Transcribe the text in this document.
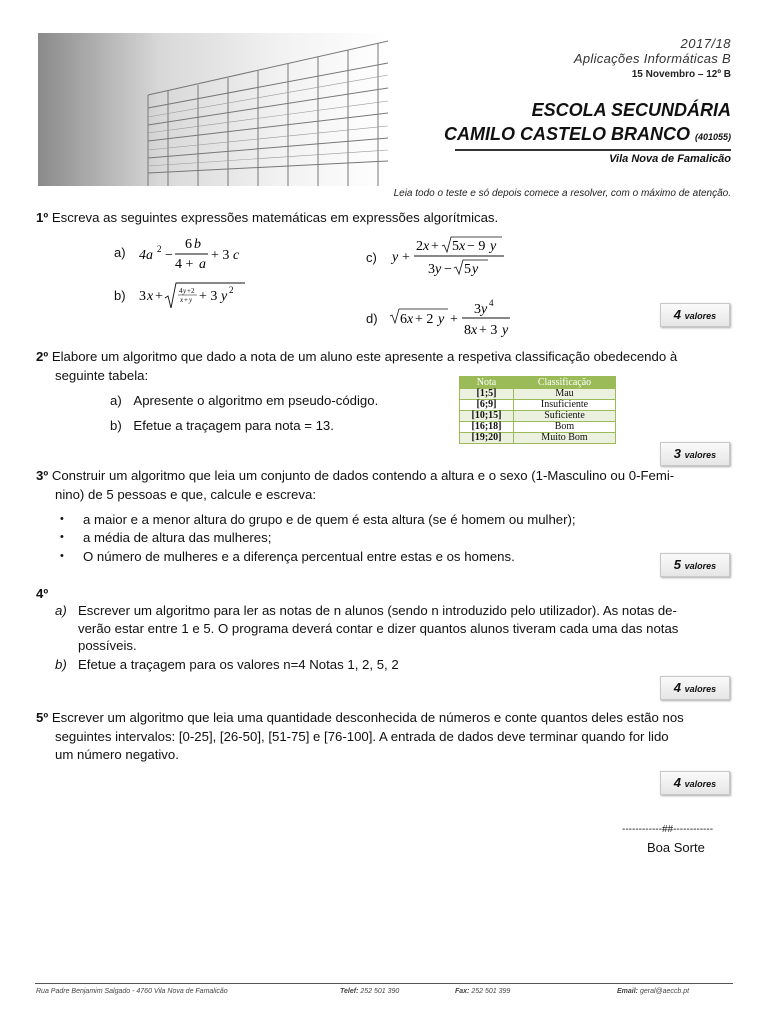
2017/18
Aplicações Informáticas B
15 Novembro – 12º B
ESCOLA SECUNDÁRIA
CAMILO CASTELO BRANCO (401055)
Vila Nova de Famalicão
Leia todo o teste e só depois comece a resolver, com o máximo de atenção.
1º Escreva as seguintes expressões matemáticas em expressões algorítmicas.
a) 4a 2 −
6 b
4 + a
+ 3 c
b) 3 x + 4 y +2
x + y + 3 y 2
c) y +
2 x + 5 x − 9 y
3 y − 5 y
d) 6 x + 2 y +
3 y 4
8 x + 3 y
4 valores
2º Elabore um algoritmo que dado a nota de um aluno este apresente a respetiva classificação obedecendo à
seguinte tabela:
a) Apresente o algoritmo em pseudo-código.
b) Efetue a traçagem para nota = 13.
Nota	Classificação
[1;5]	Mau
[6;9]	Insuficiente
[10;15]	Suficiente
[16;18]	Bom
[19;20]	Muito Bom
3 valores
3º Construir um algoritmo que leia um conjunto de dados contendo a altura e o sexo (1-Masculino ou 0-Femi-
nino) de 5 pessoas e que, calcule e escreva:
• a maior e a menor altura do grupo e de quem é esta altura (se é homem ou mulher);
• a média de altura das mulheres;
• O número de mulheres e a diferença percentual entre estas e os homens.
5 valores
4º
a) Escrever um algoritmo para ler as notas de n alunos (sendo n introduzido pelo utilizador). As notas de-
verão estar entre 1 e 5. O programa deverá contar e dizer quantos alunos tiveram cada uma das notas
possíveis.
b) Efetue a traçagem para os valores n=4 Notas 1, 2, 5, 2
4 valores
5º Escrever um algoritmo que leia uma quantidade desconhecida de números e conte quantos deles estão nos
seguintes intervalos: [0-25], [26-50], [51-75] e [76-100]. A entrada de dados deve terminar quando for lido
um número negativo.
4 valores
------------##------------
Boa Sorte
Rua Padre Benjamim Salgado - 4760 Vila Nova de Famalicão	Telef: 252 501 390	Fax: 252 501 399	Email: geral@aeccb.pt
